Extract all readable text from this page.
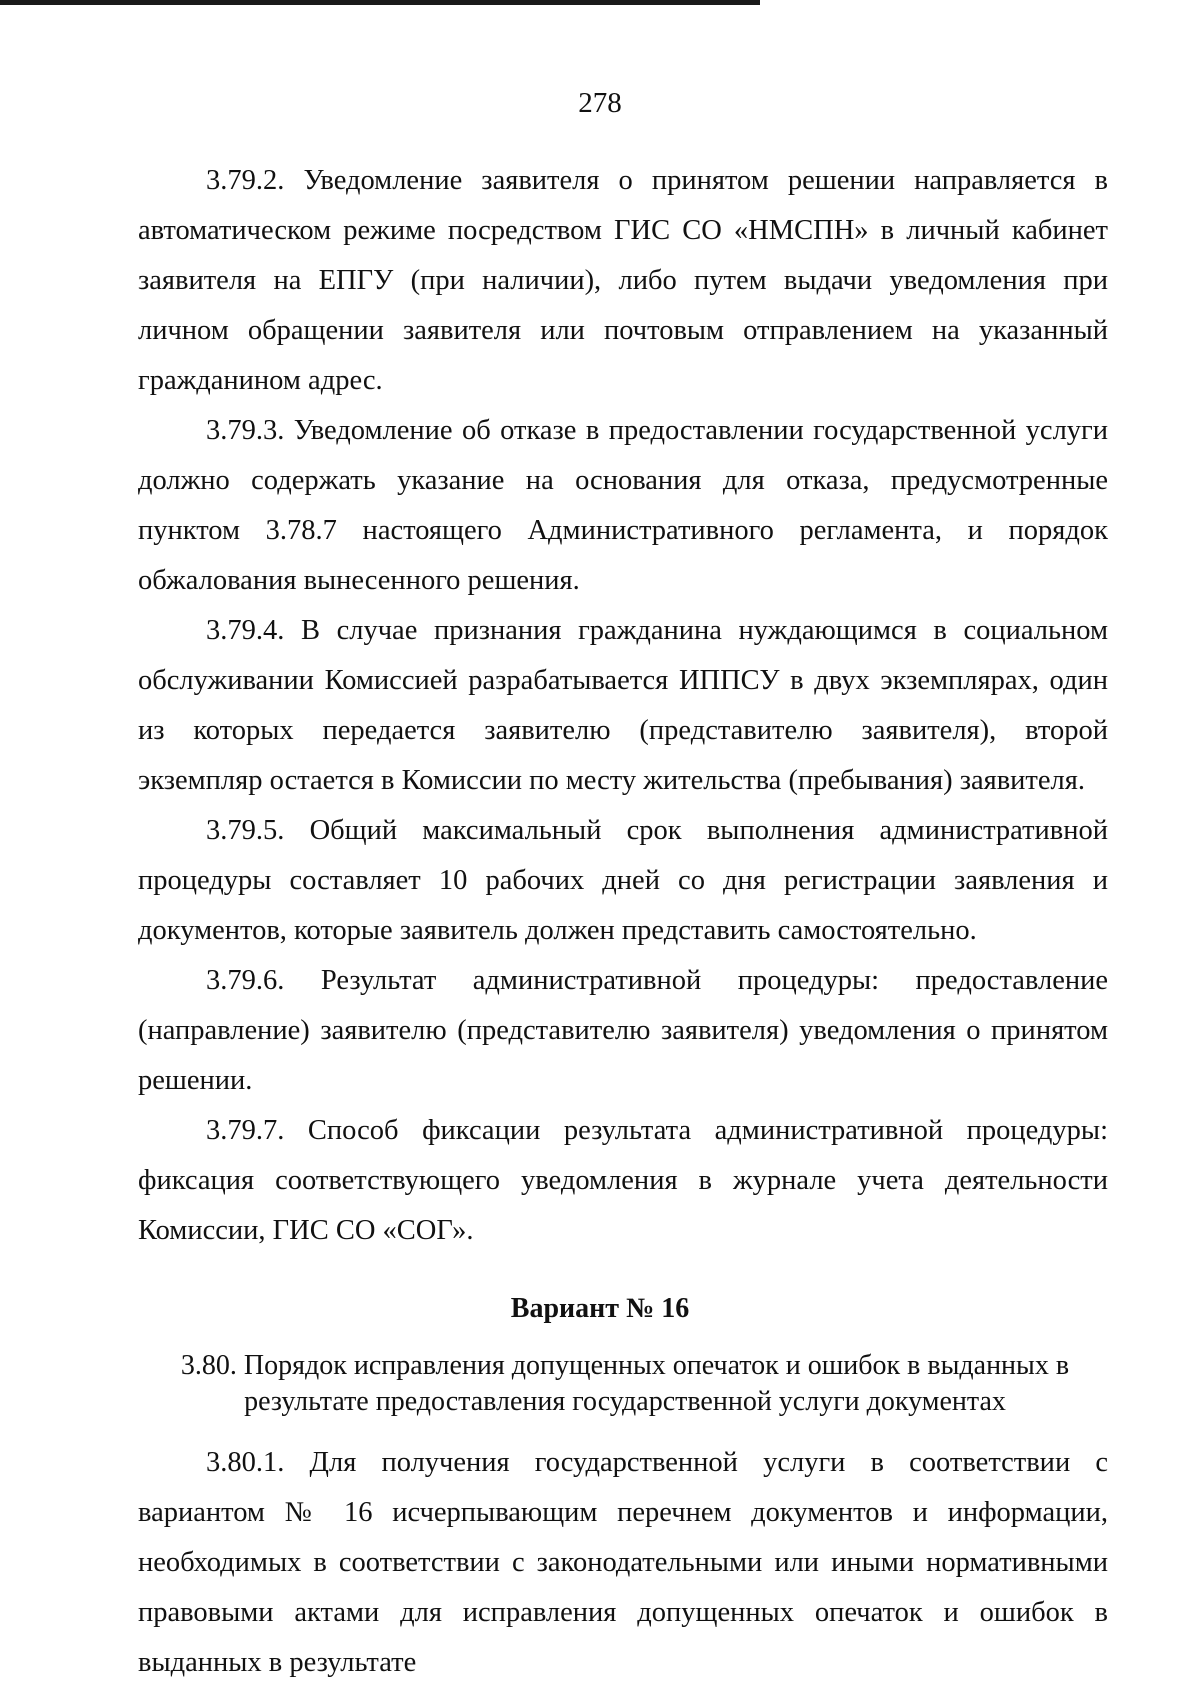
278

3.79.2. Уведомление заявителя о принятом решении направляется в автоматическом режиме посредством ГИС СО «НМСПН» в личный кабинет заявителя на ЕПГУ (при наличии), либо путем выдачи уведомления при личном обращении заявителя или почтовым отправлением на указанный гражданином адрес.

3.79.3. Уведомление об отказе в предоставлении государственной услуги должно содержать указание на основания для отказа, предусмотренные пунктом 3.78.7 настоящего Административного регламента, и порядок обжалования вынесенного решения.

3.79.4. В случае признания гражданина нуждающимся в социальном обслуживании Комиссией разрабатывается ИППСУ в двух экземплярах, один из которых передается заявителю (представителю заявителя), второй экземпляр остается в Комиссии по месту жительства (пребывания) заявителя.

3.79.5. Общий максимальный срок выполнения административной процедуры составляет 10 рабочих дней со дня регистрации заявления и документов, которые заявитель должен представить самостоятельно.

3.79.6. Результат административной процедуры: предоставление (направление) заявителю (представителю заявителя) уведомления о принятом решении.

3.79.7. Способ фиксации результата административной процедуры: фиксация соответствующего уведомления в журнале учета деятельности Комиссии, ГИС СО «СОГ».

Вариант № 16
3.80. Порядок исправления допущенных опечаток и ошибок в выданных в результате предоставления государственной услуги документах

3.80.1. Для получения государственной услуги в соответствии с вариантом № 16 исчерпывающим перечнем документов и информации, необходимых в соответствии с законодательными или иными нормативными правовыми актами для исправления допущенных опечаток и ошибок в выданных в результате
